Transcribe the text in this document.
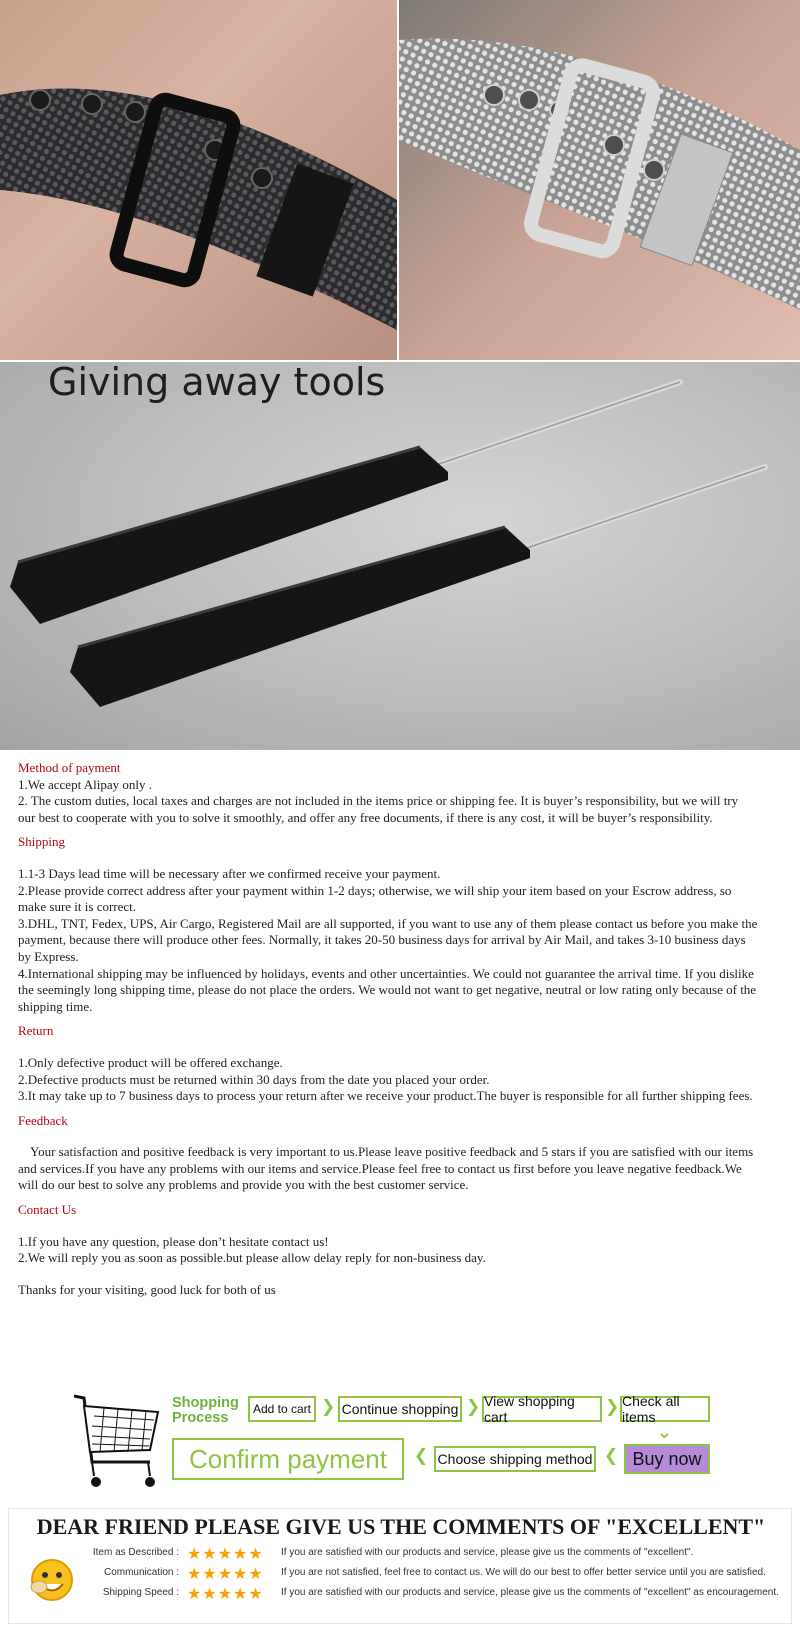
Giving away tools

Method of payment

1.We accept Alipay only .

2. The custom duties, local taxes and charges are not included in the items price or shipping fee. It is buyer’s responsibility, but we will try our best to cooperate with you to solve it smoothly, and offer any free documents, if there is any cost, it will be buyer’s responsibility.

Shipping

1.1-3 Days lead time will be necessary after we confirmed receive your payment.

2.Please provide correct address after your payment within 1-2 days; otherwise, we will ship your item based on your Escrow address, so make sure it is correct.

3.DHL, TNT, Fedex, UPS, Air Cargo, Registered Mail are all supported, if you want to use any of them please contact us before you make the payment, because there will produce other fees. Normally, it takes 20-50 business days for arrival by Air Mail, and takes 3-10 business days by Express.

4.International shipping may be influenced by holidays, events and other uncertainties. We could not guarantee the arrival time. If you dislike the seemingly long shipping time, please do not place the orders. We would not want to get negative, neutral or low rating only because of the shipping time.

Return

1.Only defective product will be offered exchange.

2.Defective products must be returned within 30 days from the date you placed your order.

3.It may take up to 7 business days to process your return after we receive your product.The buyer is responsible for all further shipping fees.

Feedback

Your satisfaction and positive feedback is very important to us.Please leave positive feedback and 5 stars if you are satisfied with our items and services.If you have any problems with our items and service.Please feel free to contact us first before you leave negative feedback.We will do our best to solve any problems and provide you with the best customer service.

Contact Us

1.If you have any question, please don’t hesitate contact us!

2.We will reply you as soon as possible.but please allow delay reply for non-business day.

Thanks for your visiting, good luck for both of us

Shopping
Process
Add to cart ❯ Continue shopping ❯ View shopping cart	❯ Check all items
⌄
Confirm payment	❮ Choose shipping method ❮ Buy now
DEAR FRIEND PLEASE GIVE US THE COMMENTS OF "EXCELLENT"
Item as Described : ★★★★★ If you are satisfied with our products and service, please give us the comments of "excellent".
Communication : ★★★★★ If you are not satisfied, feel free to contact us. We will do our best to offer better service until you are satisfied.
Shipping Speed : ★★★★★ If you are satisfied with our products and service, please give us the comments of "excellent" as encouragement.
